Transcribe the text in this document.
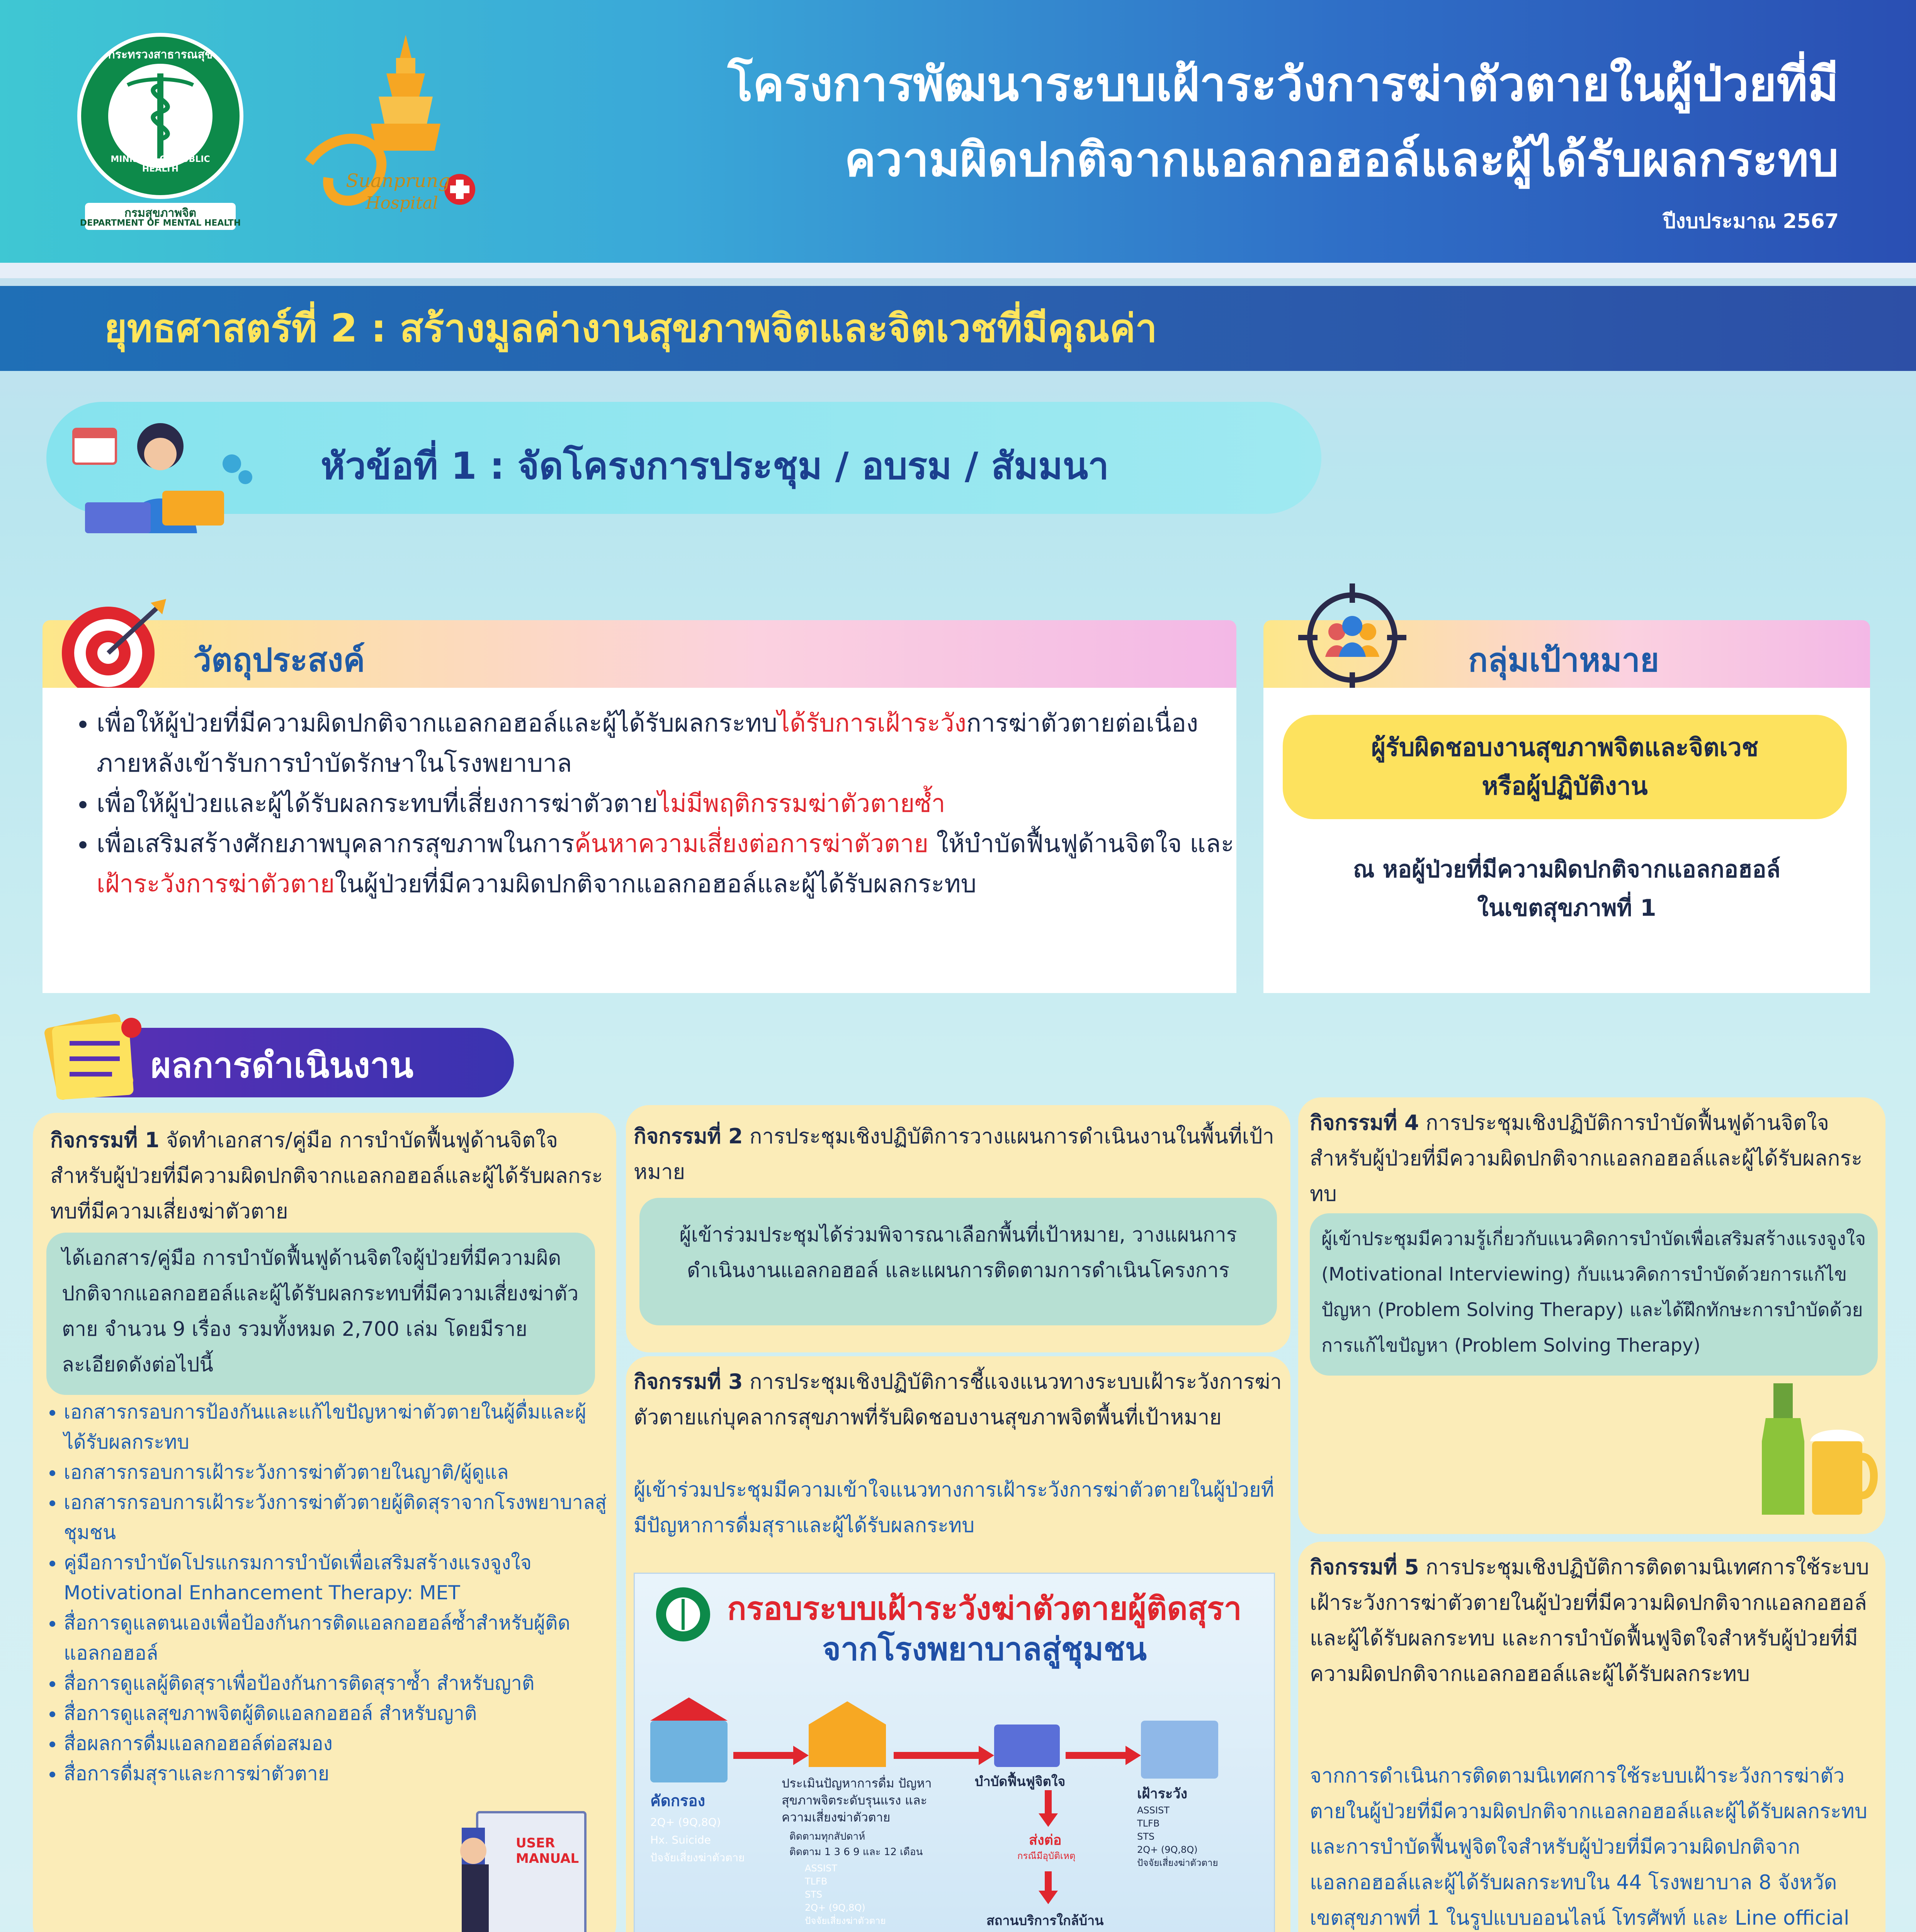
กรมสุขภาพจิต
DEPARTMENT OF MENTAL HEALTH
MINISTRY OF PUBLIC HEALTH
กระทรวงสาธารณสุข
Suanprung
Hospital
โครงการพัฒนาระบบเฝ้าระวังการฆ่าตัวตายในผู้ป่วยที่มี
ความผิดปกติจากแอลกอฮอล์และผู้ได้รับผลกระทบ
ปีงบประมาณ 2567
ยุทธศาสตร์ที่ 2 : สร้างมูลค่างานสุขภาพจิตและจิตเวชที่มีคุณค่า
หัวข้อที่ 1 : จัดโครงการประชุม / อบรม / สัมมนา
วัตถุประสงค์
• เพื่อให้ผู้ป่วยที่มีความผิดปกติจากแอลกอฮอล์และผู้ได้รับผลกระทบได้รับการเฝ้าระวังการฆ่าตัวตายต่อเนื่องภายหลังเข้ารับการบำบัดรักษาในโรงพยาบาล
• เพื่อให้ผู้ป่วยและผู้ได้รับผลกระทบที่เสี่ยงการฆ่าตัวตายไม่มีพฤติกรรมฆ่าตัวตายซ้ำ
• เพื่อเสริมสร้างศักยภาพบุคลากรสุขภาพในการค้นหาความเสี่ยงต่อการฆ่าตัวตาย ให้บำบัดฟื้นฟูด้านจิตใจ และเฝ้าระวังการฆ่าตัวตายในผู้ป่วยที่มีความผิดปกติจากแอลกอฮอล์และผู้ได้รับผลกระทบ
กลุ่มเป้าหมาย
ผู้รับผิดชอบงานสุขภาพจิตและจิตเวช
หรือผู้ปฏิบัติงาน
ณ หอผู้ป่วยที่มีความผิดปกติจากแอลกอฮอล์
ในเขตสุขภาพที่ 1
ผลการดำเนินงาน
กิจกรรมที่ 1 จัดทำเอกสาร/คู่มือ การบำบัดฟื้นฟูด้านจิตใจสำหรับผู้ป่วยที่มีความผิดปกติจากแอลกอฮอล์และผู้ได้รับผลกระทบที่มีความเสี่ยงฆ่าตัวตาย
ได้เอกสาร/คู่มือ การบำบัดฟื้นฟูด้านจิตใจผู้ป่วยที่มีความผิดปกติจากแอลกอฮอล์และผู้ได้รับผลกระทบที่มีความเสี่ยงฆ่าตัวตาย จำนวน 9 เรื่อง รวมทั้งหมด 2,700 เล่ม โดยมีรายละเอียดดังต่อไปนี้
• เอกสารกรอบการป้องกันและแก้ไขปัญหาฆ่าตัวตายในผู้ดื่มและผู้ได้รับผลกระทบ
• เอกสารกรอบการเฝ้าระวังการฆ่าตัวตายในญาติ/ผู้ดูแล
• เอกสารกรอบการเฝ้าระวังการฆ่าตัวตายผู้ติดสุราจากโรงพยาบาลสู่ชุมชน
• คู่มือการบำบัดโปรแกรมการบำบัดเพื่อเสริมสร้างแรงจูงใจ Motivational Enhancement Therapy: MET
• สื่อการดูแลตนเองเพื่อป้องกันการติดแอลกอฮอล์ซ้ำสำหรับผู้ติดแอลกอฮอล์
• สื่อการดูแลผู้ติดสุราเพื่อป้องกันการติดสุราซ้ำ สำหรับญาติ
• สื่อการดูแลสุขภาพจิตผู้ติดแอลกอฮอล์ สำหรับญาติ
• สื่อผลการดื่มแอลกอฮอล์ต่อสมอง
• สื่อการดื่มสุราและการฆ่าตัวตาย
USER MANUAL
กิจกรรมที่ 2 การประชุมเชิงปฏิบัติการวางแผนการดำเนินงานในพื้นที่เป้าหมาย
ผู้เข้าร่วมประชุมได้ร่วมพิจารณาเลือกพื้นที่เป้าหมาย, วางแผนการดำเนินงานแอลกอฮอล์ และแผนการติดตามการดำเนินโครงการ
กิจกรรมที่ 3 การประชุมเชิงปฏิบัติการชี้แจงแนวทางระบบเฝ้าระวังการฆ่าตัวตายแก่บุคลากรสุขภาพที่รับผิดชอบงานสุขภาพจิตพื้นที่เป้าหมาย
ผู้เข้าร่วมประชุมมีความเข้าใจแนวทางการเฝ้าระวังการฆ่าตัวตายในผู้ป่วยที่มีปัญหาการดื่มสุราและผู้ได้รับผลกระทบ
กรอบระบบเฝ้าระวังฆ่าตัวตายผู้ติดสุรา
จากโรงพยาบาลสู่ชุมชน
คัดกรอง
2Q+ (9Q,8Q)
Hx. Suicide
ปัจจัยเสี่ยงฆ่าตัวตาย
ประเมินปัญหาการดื่ม ปัญหาสุขภาพจิตระดับรุนแรง และ ความเสี่ยงฆ่าตัวตาย
ติดตามทุกสัปดาห์
ติดตาม 1 3 6 9 และ 12 เดือน
ASSIST
TLFB
STS
2Q+ (9Q,8Q)
ปัจจัยเสี่ยงฆ่าตัวตาย
บำบัดฟื้นฟูจิตใจ
เฝ้าระวัง
ASSIST
TLFB
STS
2Q+ (9Q,8Q)
ปัจจัยเสี่ยงฆ่าตัวตาย
ส่งต่อ
กรณีมีอุบัติเหตุ
สถานบริการใกล้บ้าน
กิจกรรมที่ 4 การประชุมเชิงปฏิบัติการบำบัดฟื้นฟูด้านจิตใจสำหรับผู้ป่วยที่มีความผิดปกติจากแอลกอฮอล์และผู้ได้รับผลกระทบ
ผู้เข้าประชุมมีความรู้เกี่ยวกับแนวคิดการบำบัดเพื่อเสริมสร้างแรงจูงใจ (Motivational Interviewing) กับแนวคิดการบำบัดด้วยการแก้ไขปัญหา (Problem Solving Therapy) และได้ฝึกทักษะการบำบัดด้วยการแก้ไขปัญหา (Problem Solving Therapy)
กิจกรรมที่ 5 การประชุมเชิงปฏิบัติการติดตามนิเทศการใช้ระบบเฝ้าระวังการฆ่าตัวตายในผู้ป่วยที่มีความผิดปกติจากแอลกอฮอล์และผู้ได้รับผลกระทบ และการบำบัดฟื้นฟูจิตใจสำหรับผู้ป่วยที่มีความผิดปกติจากแอลกอฮอล์และผู้ได้รับผลกระทบ
จากการดำเนินการติดตามนิเทศการใช้ระบบเฝ้าระวังการฆ่าตัวตายในผู้ป่วยที่มีความผิดปกติจากแอลกอฮอล์และผู้ได้รับผลกระทบ และการบำบัดฟื้นฟูจิตใจสำหรับผู้ป่วยที่มีความผิดปกติจากแอลกอฮอล์และผู้ได้รับผลกระทบใน 44 โรงพยาบาล 8 จังหวัด เขตสุขภาพที่ 1 ในรูปแบบออนไลน์ โทรศัพท์ และ Line official
